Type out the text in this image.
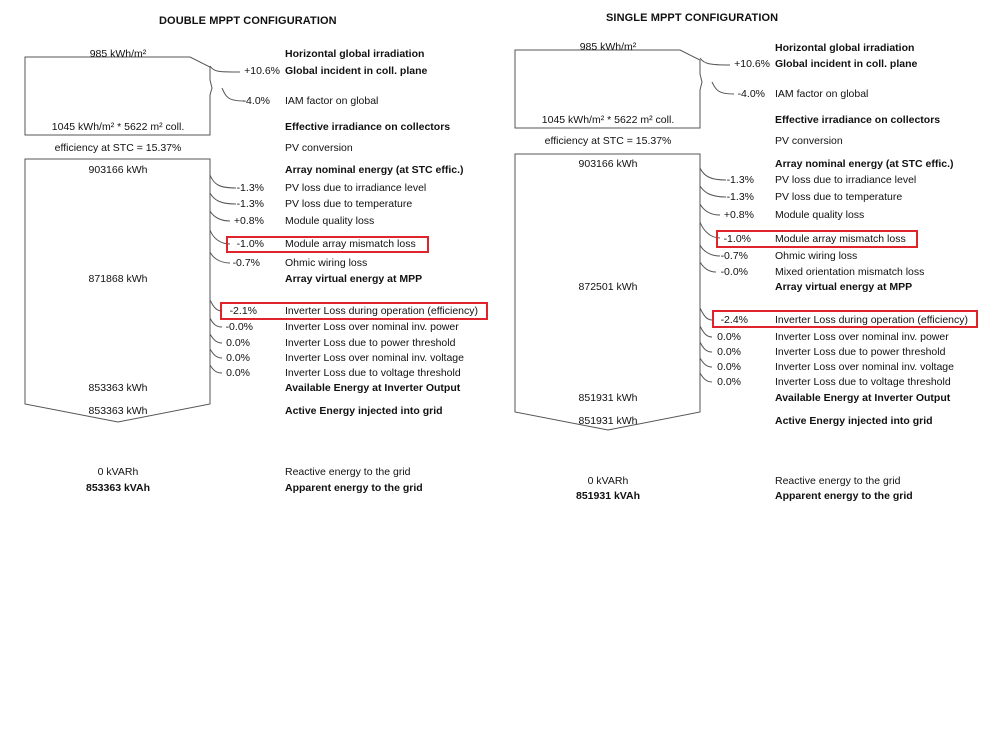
DOUBLE MPPT CONFIGURATION
985 kWh/m²	Horizontal global irradiation
+10.6% Global incident in coll. plane
-4.0% IAM factor on global
1045 kWh/m² * 5622 m² coll.	Effective irradiance on collectors
efficiency at STC = 15.37%	PV conversion
903166 kWh	Array nominal energy (at STC effic.)
-1.3% PV loss due to irradiance level
-1.3% PV loss due to temperature
+0.8% Module quality loss
-1.0% Module array mismatch loss
-0.7% Ohmic wiring loss
871868 kWh	Array virtual energy at MPP
-2.1%	Inverter Loss during operation (efficiency)
-0.0%	Inverter Loss over nominal inv. power
0.0%	Inverter Loss due to power threshold
0.0%	Inverter Loss over nominal inv. voltage
0.0%	Inverter Loss due to voltage threshold
853363 kWh	Available Energy at Inverter Output
853363 kWh	Active Energy injected into grid
0 kVARh	Reactive energy to the grid
853363 kVAh	Apparent energy to the grid
SINGLE MPPT CONFIGURATION
985 kWh/m²	Horizontal global irradiation
+10.6% Global incident in coll. plane
-4.0% IAM factor on global
1045 kWh/m² * 5622 m² coll.	Effective irradiance on collectors
efficiency at STC = 15.37%	PV conversion
903166 kWh	Array nominal energy (at STC effic.)
-1.3% PV loss due to irradiance level
-1.3% PV loss due to temperature
+0.8% Module quality loss
-1.0% Module array mismatch loss
-0.7%	Ohmic wiring loss
-0.0%	Mixed orientation mismatch loss
872501 kWh	Array virtual energy at MPP
-2.4%	Inverter Loss during operation (efficiency)
0.0%	Inverter Loss over nominal inv. power
0.0%	Inverter Loss due to power threshold
0.0%	Inverter Loss over nominal inv. voltage
0.0%	Inverter Loss due to voltage threshold
851931 kWh	Available Energy at Inverter Output
851931 kWh	Active Energy injected into grid
0 kVARh	Reactive energy to the grid
851931 kVAh	Apparent energy to the grid
